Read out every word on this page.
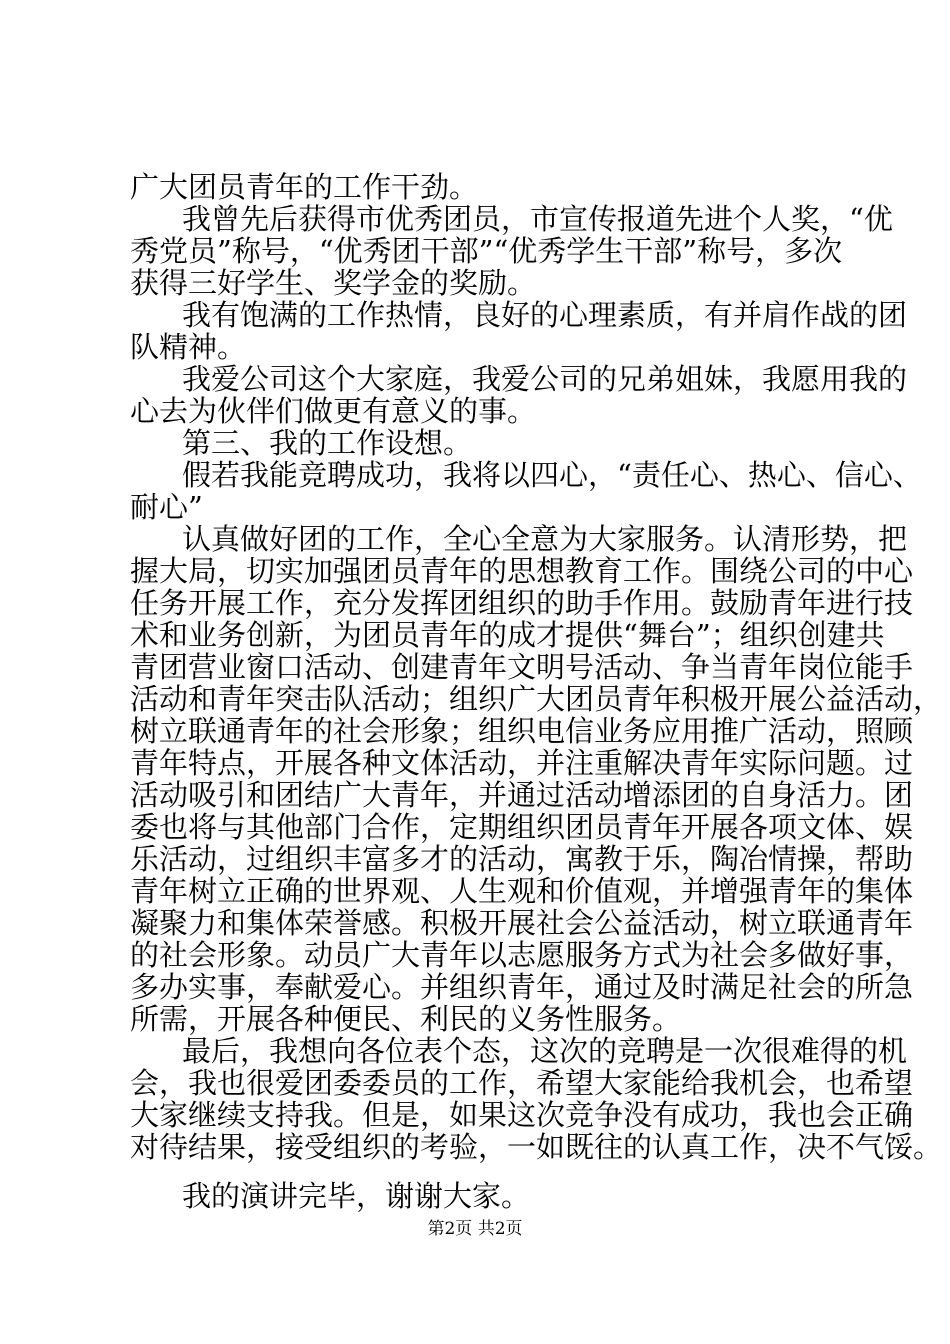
广大团员青年的工作干劲。
我曾先后获得市优秀团员，市宣传报道先进个人奖，“优
秀党员”称号，“优秀团干部”“优秀学生干部”称号，多次
获得三好学生、奖学金的奖励。
我有饱满的工作热情，良好的心理素质，有并肩作战的团
队精神。
我爱公司这个大家庭，我爱公司的兄弟姐妹，我愿用我的
心去为伙伴们做更有意义的事。
第三、我的工作设想。
假若我能竞聘成功，我将以四心，“责任心、热心、信心、
耐心”
认真做好团的工作，全心全意为大家服务。认清形势，把
握大局，切实加强团员青年的思想教育工作。围绕公司的中心
任务开展工作，充分发挥团组织的助手作用。鼓励青年进行技
术和业务创新，为团员青年的成才提供“舞台”；组织创建共
青团营业窗口活动、创建青年文明号活动、争当青年岗位能手
活动和青年突击队活动；组织广大团员青年积极开展公益活动，
树立联通青年的社会形象；组织电信业务应用推广活动，照顾
青年特点，开展各种文体活动，并注重解决青年实际问题。过
活动吸引和团结广大青年，并通过活动增添团的自身活力。团
委也将与其他部门合作，定期组织团员青年开展各项文体、娱
乐活动，过组织丰富多才的活动，寓教于乐，陶冶情操，帮助
青年树立正确的世界观、人生观和价值观，并增强青年的集体
凝聚力和集体荣誉感。积极开展社会公益活动，树立联通青年
的社会形象。动员广大青年以志愿服务方式为社会多做好事，
多办实事，奉献爱心。并组织青年，通过及时满足社会的所急
所需，开展各种便民、利民的义务性服务。
最后，我想向各位表个态，这次的竞聘是一次很难得的机
会，我也很爱团委委员的工作，希望大家能给我机会，也希望
大家继续支持我。但是，如果这次竞争没有成功，我也会正确
对待结果，接受组织的考验，一如既往的认真工作，决不气馁。
我的演讲完毕，谢谢大家。
第2页 共2页
